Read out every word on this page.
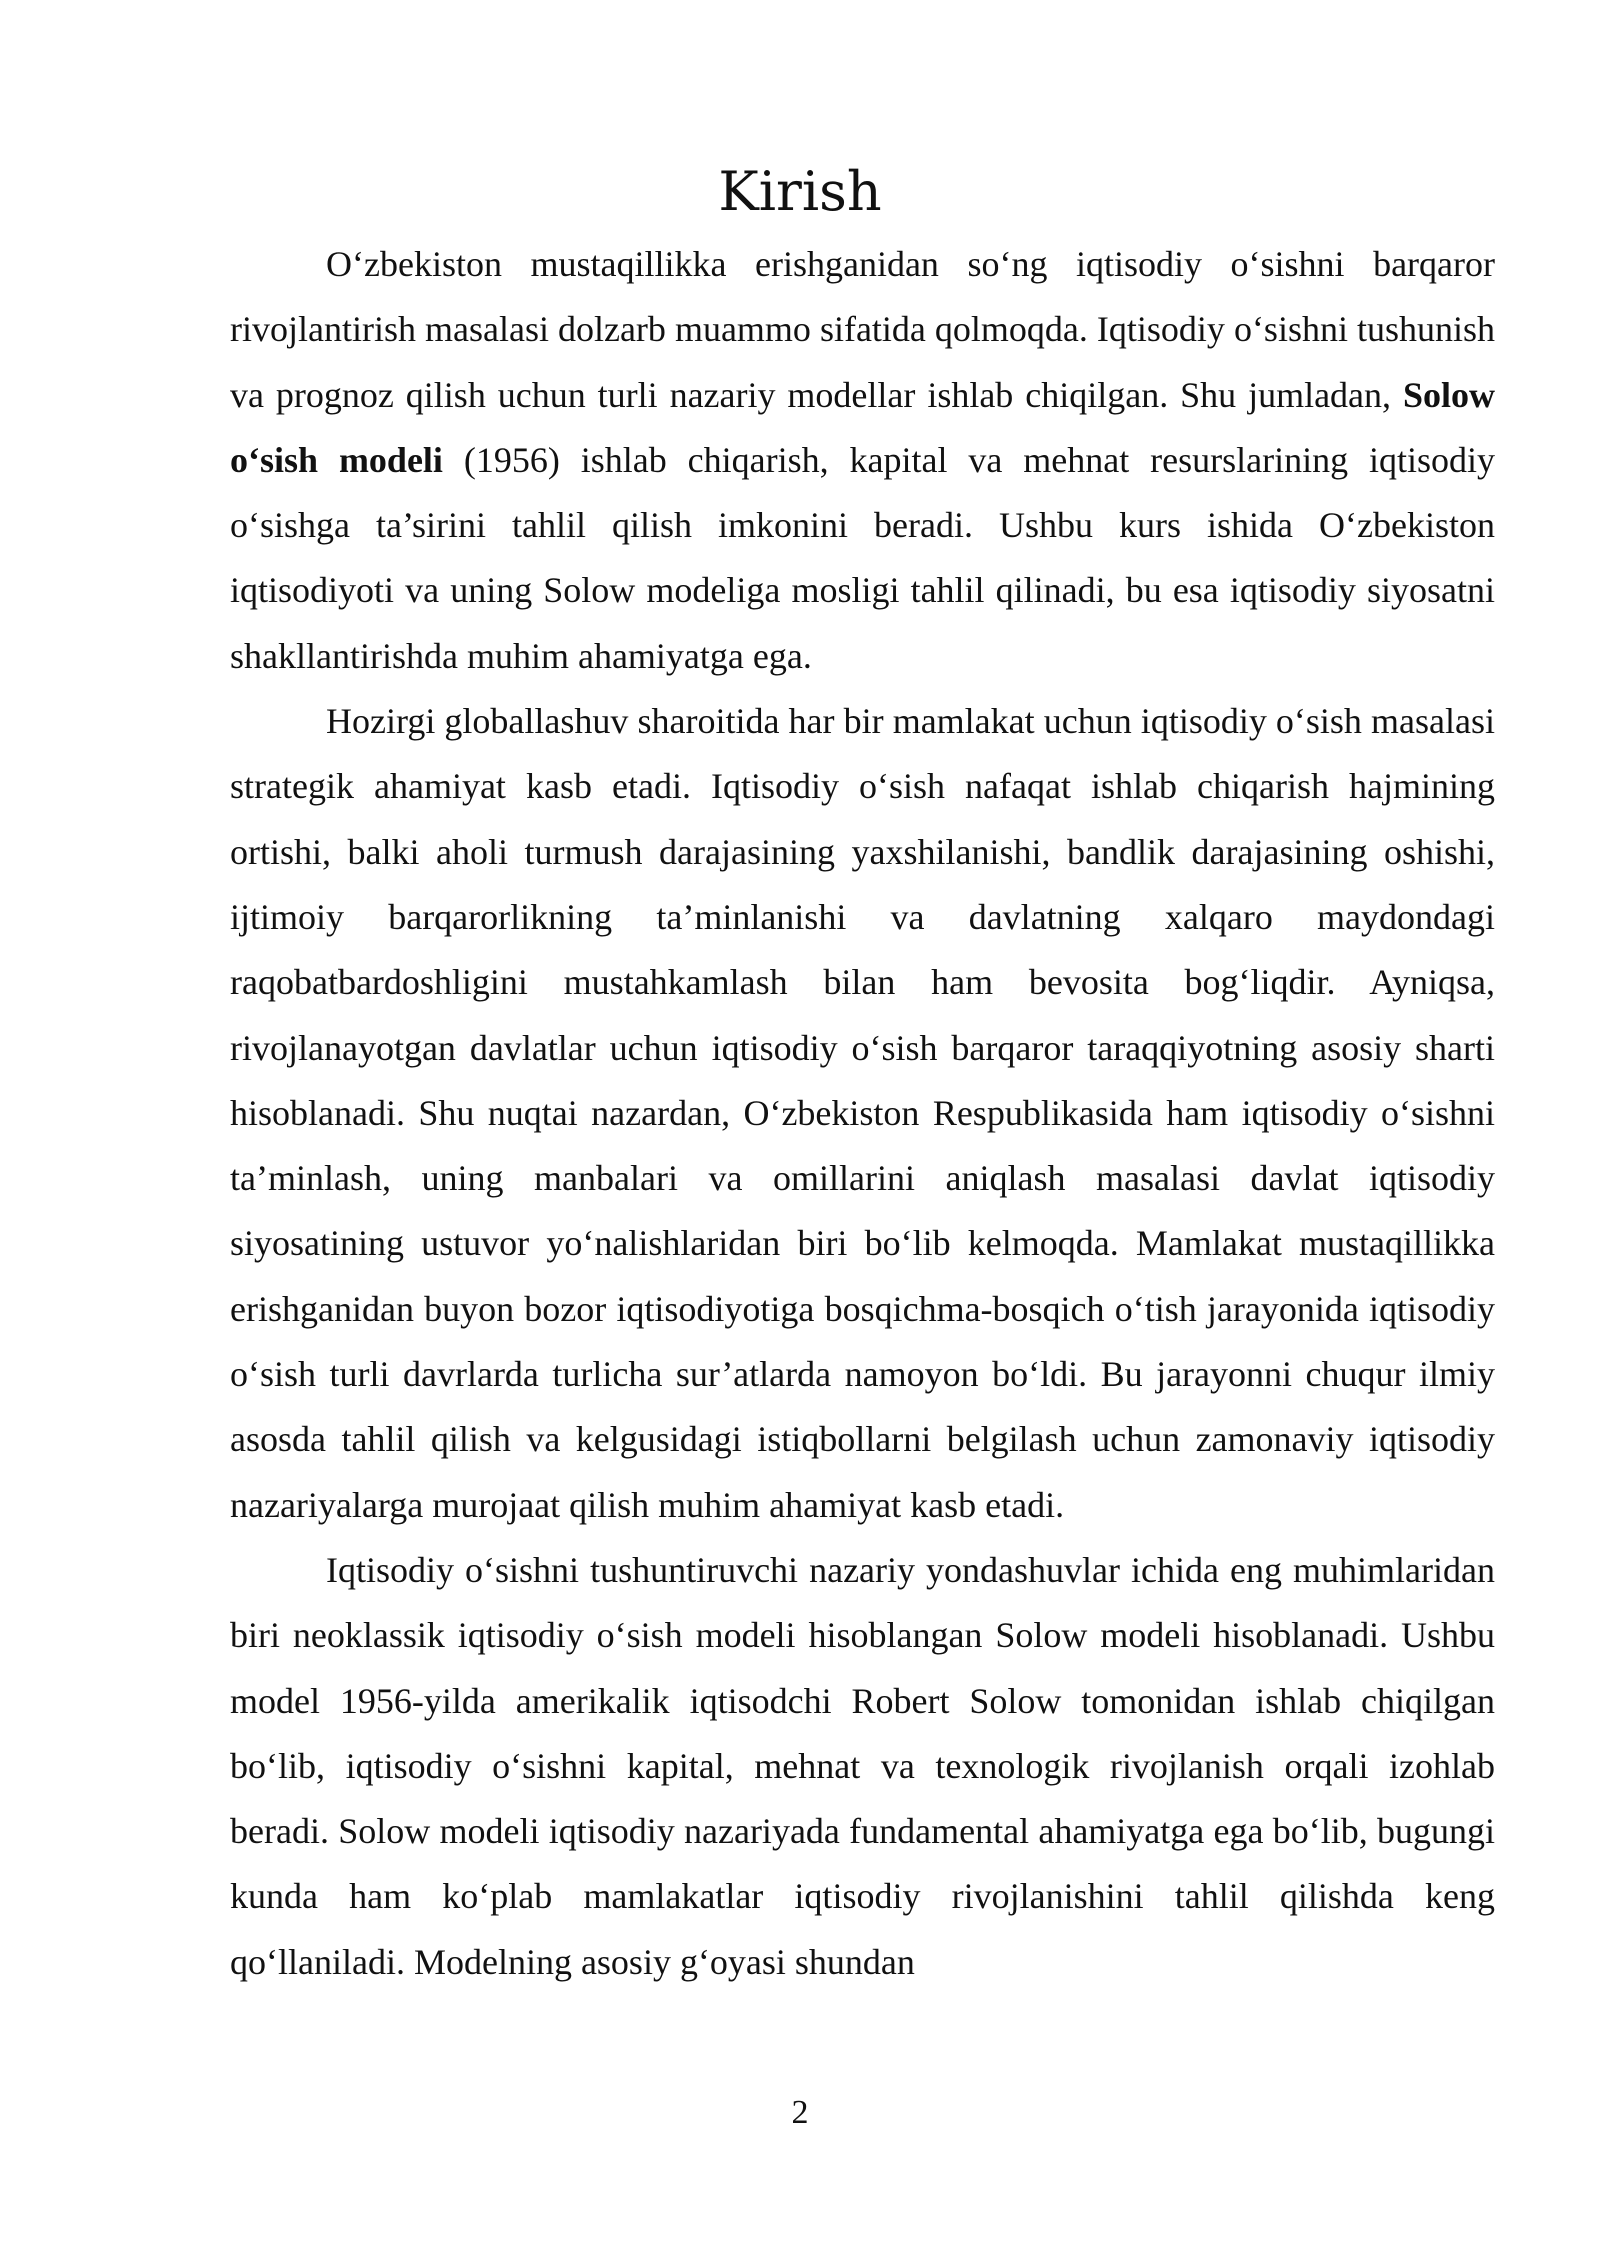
Kirish

O‘zbekiston mustaqillikka erishganidan so‘ng iqtisodiy o‘sishni barqaror rivojlantirish masalasi dolzarb muammo sifatida qolmoqda. Iqtisodiy o‘sishni tushunish va prognoz qilish uchun turli nazariy modellar ishlab chiqilgan. Shu jumladan, Solow o‘sish modeli (1956) ishlab chiqarish, kapital va mehnat resurslarining iqtisodiy o‘sishga ta’sirini tahlil qilish imkonini beradi. Ushbu kurs ishida O‘zbekiston iqtisodiyoti va uning Solow modeliga mosligi tahlil qilinadi, bu esa iqtisodiy siyosatni shakllantirishda muhim ahamiyatga ega.

Hozirgi globallashuv sharoitida har bir mamlakat uchun iqtisodiy o‘sish masalasi strategik ahamiyat kasb etadi. Iqtisodiy o‘sish nafaqat ishlab chiqarish hajmining ortishi, balki aholi turmush darajasining yaxshilanishi, bandlik darajasining oshishi, ijtimoiy barqarorlikning ta’minlanishi va davlatning xalqaro maydondagi raqobatbardoshligini mustahkamlash bilan ham bevosita bog‘liqdir. Ayniqsa, rivojlanayotgan davlatlar uchun iqtisodiy o‘sish barqaror taraqqiyotning asosiy sharti hisoblanadi. Shu nuqtai nazardan, O‘zbekiston Respublikasida ham iqtisodiy o‘sishni ta’minlash, uning manbalari va omillarini aniqlash masalasi davlat iqtisodiy siyosatining ustuvor yo‘nalishlaridan biri bo‘lib kelmoqda. Mamlakat mustaqillikka erishganidan buyon bozor iqtisodiyotiga bosqichma-bosqich o‘tish jarayonida iqtisodiy o‘sish turli davrlarda turlicha sur’atlarda namoyon bo‘ldi. Bu jarayonni chuqur ilmiy asosda tahlil qilish va kelgusidagi istiqbollarni belgilash uchun zamonaviy iqtisodiy nazariyalarga murojaat qilish muhim ahamiyat kasb etadi.

Iqtisodiy o‘sishni tushuntiruvchi nazariy yondashuvlar ichida eng muhimlaridan biri neoklassik iqtisodiy o‘sish modeli hisoblangan Solow modeli hisoblanadi. Ushbu model 1956-yilda amerikalik iqtisodchi Robert Solow tomonidan ishlab chiqilgan bo‘lib, iqtisodiy o‘sishni kapital, mehnat va texnologik rivojlanish orqali izohlab beradi. Solow modeli iqtisodiy nazariyada fundamental ahamiyatga ega bo‘lib, bugungi kunda ham ko‘plab mamlakatlar iqtisodiy rivojlanishini tahlil qilishda keng qo‘llaniladi. Modelning asosiy g‘oyasi shundan

2
